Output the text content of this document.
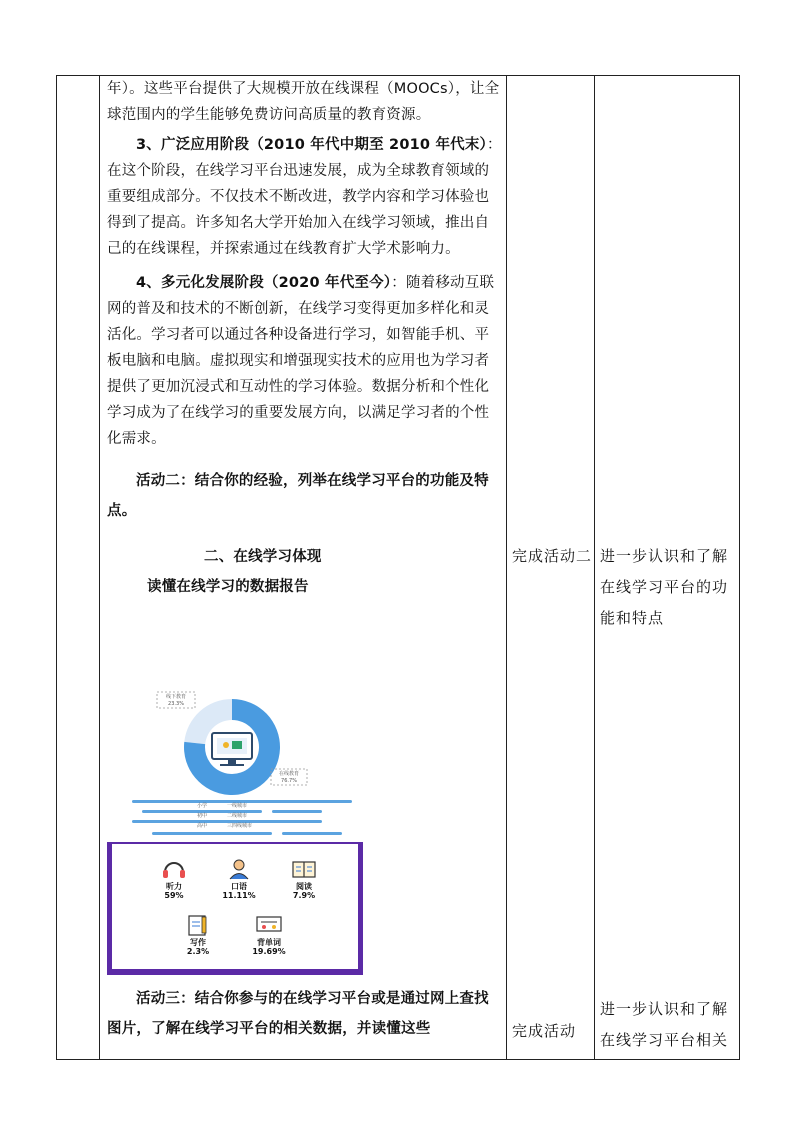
年）。这些平台提供了大规模开放在线课程（MOOCs），让全球范围内的学生能够免费访问高质量的教育资源。

3、广泛应用阶段（2010 年代中期至 2010 年代末）：在这个阶段，在线学习平台迅速发展，成为全球教育领域的重要组成部分。不仅技术不断改进，教学内容和学习体验也得到了提高。许多知名大学开始加入在线学习领域，推出自己的在线课程，并探索通过在线教育扩大学术影响力。

4、多元化发展阶段（2020 年代至今）：随着移动互联网的普及和技术的不断创新，在线学习变得更加多样化和灵活化。学习者可以通过各种设备进行学习，如智能手机、平板电脑和电脑。虚拟现实和增强现实技术的应用也为学习者提供了更加沉浸式和互动性的学习体验。数据分析和个性化学习成为了在线学习的重要发展方向，以满足学习者的个性化需求。

活动二：结合你的经验，列举在线学习平台的功能及特点。

二、在线学习体现

读懂在线学习的数据报告

完成活动二 进一步认识和了解在线学习平台的功能和特点
线下教育
23.3%
在线教育
76.7%
小学
初中
高中
一线城市
二线城市
三四线城市
听力
59%
口语
11.11%
阅读
7.9%
写作
2.3%
背单词
19.69%

活动三：结合你参与的在线学习平台或是通过网上查找图片，了解在线学习平台的相关数据，并读懂这些	完成活动
进一步认识和了解在线学习平台相关
